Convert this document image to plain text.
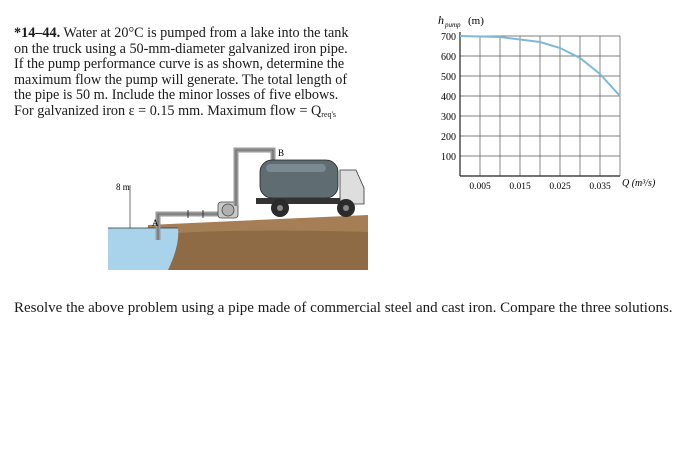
*14–44. Water at 20°C is pumped from a lake into the tank
on the truck using a 50-mm-diameter galvanized iron pipe.
If the pump performance curve is as shown, determine the
maximum flow the pump will generate. The total length of
the pipe is 50 m. Include the minor losses of five elbows.
For galvanized iron ε = 0.15 mm. Maximum flow = $Q_{req's}$
8 m
A
B	100
200
300
400
500
600
700
0.005 0.015 0.025 0.035
h pump (m)
Q (m³/s)
Resolve the above problem using a pipe made of commercial steel and cast iron. Compare the three solutions.
